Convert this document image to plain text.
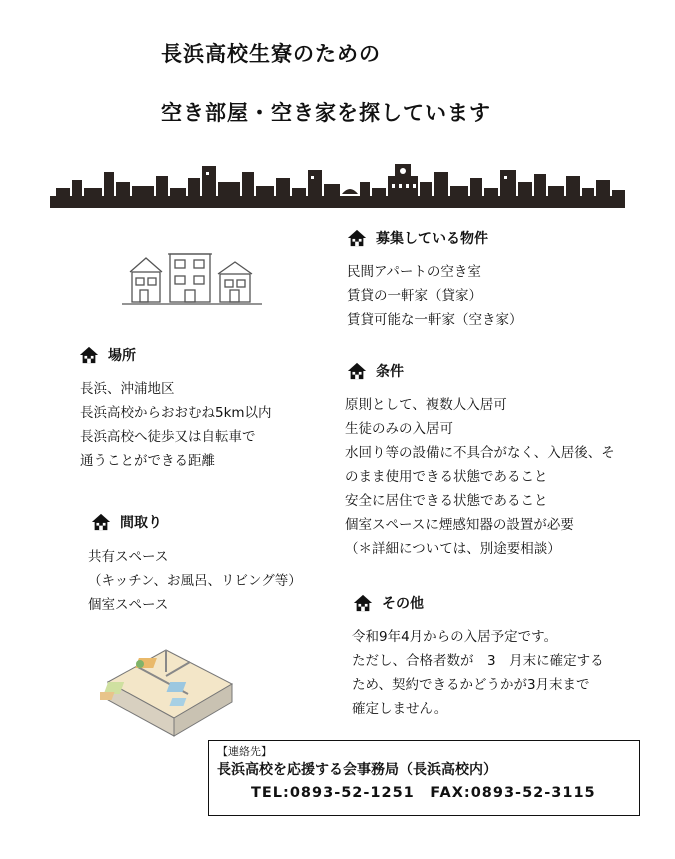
長浜高校生寮のための
空き部屋・空き家を探しています
募集している物件
民間アパートの空き室
賃貸の一軒家（貸家）
賃貸可能な一軒家（空き家）
場所
長浜、沖浦地区
長浜高校からおおむね5km以内
長浜高校へ徒歩又は自転車で
通うことができる距離
条件
原則として、複数人入居可
生徒のみの入居可
水回り等の設備に不具合がなく、入居後、そ
のまま使用できる状態であること
安全に居住できる状態であること
個室スペースに煙感知器の設置が必要
（＊詳細については、別途要相談）
間取り
共有スペース
（キッチン、お風呂、リビング等）
個室スペース	その他
令和9年4月からの入居予定です。
ただし、合格者数が　3　月末に確定する
ため、契約できるかどうかが3月末まで
確定しません。
【連絡先】
長浜高校を応援する会事務局（長浜高校内）
TEL:0893-52-1251　FAX:0893-52-3115
